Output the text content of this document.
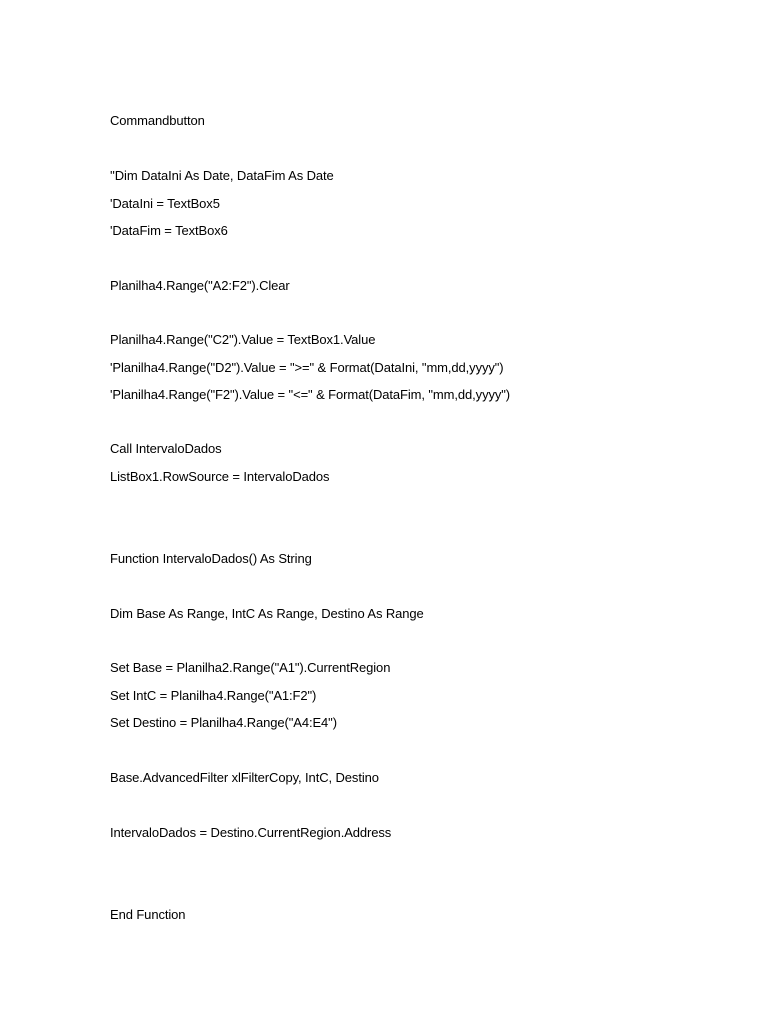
Commandbutton
''Dim DataIni As Date, DataFim As Date
'DataIni = TextBox5
'DataFim = TextBox6
Planilha4.Range("A2:F2").Clear
Planilha4.Range("C2").Value = TextBox1.Value
'Planilha4.Range("D2").Value = ">=" & Format(DataIni, "mm,dd,yyyy")
'Planilha4.Range("F2").Value = "<=" & Format(DataFim, "mm,dd,yyyy")
Call IntervaloDados
ListBox1.RowSource = IntervaloDados
Function IntervaloDados() As String
Dim Base As Range, IntC As Range, Destino As Range
Set Base = Planilha2.Range("A1").CurrentRegion
Set IntC = Planilha4.Range("A1:F2")
Set Destino = Planilha4.Range("A4:E4")
Base.AdvancedFilter xlFilterCopy, IntC, Destino
IntervaloDados = Destino.CurrentRegion.Address
End Function
